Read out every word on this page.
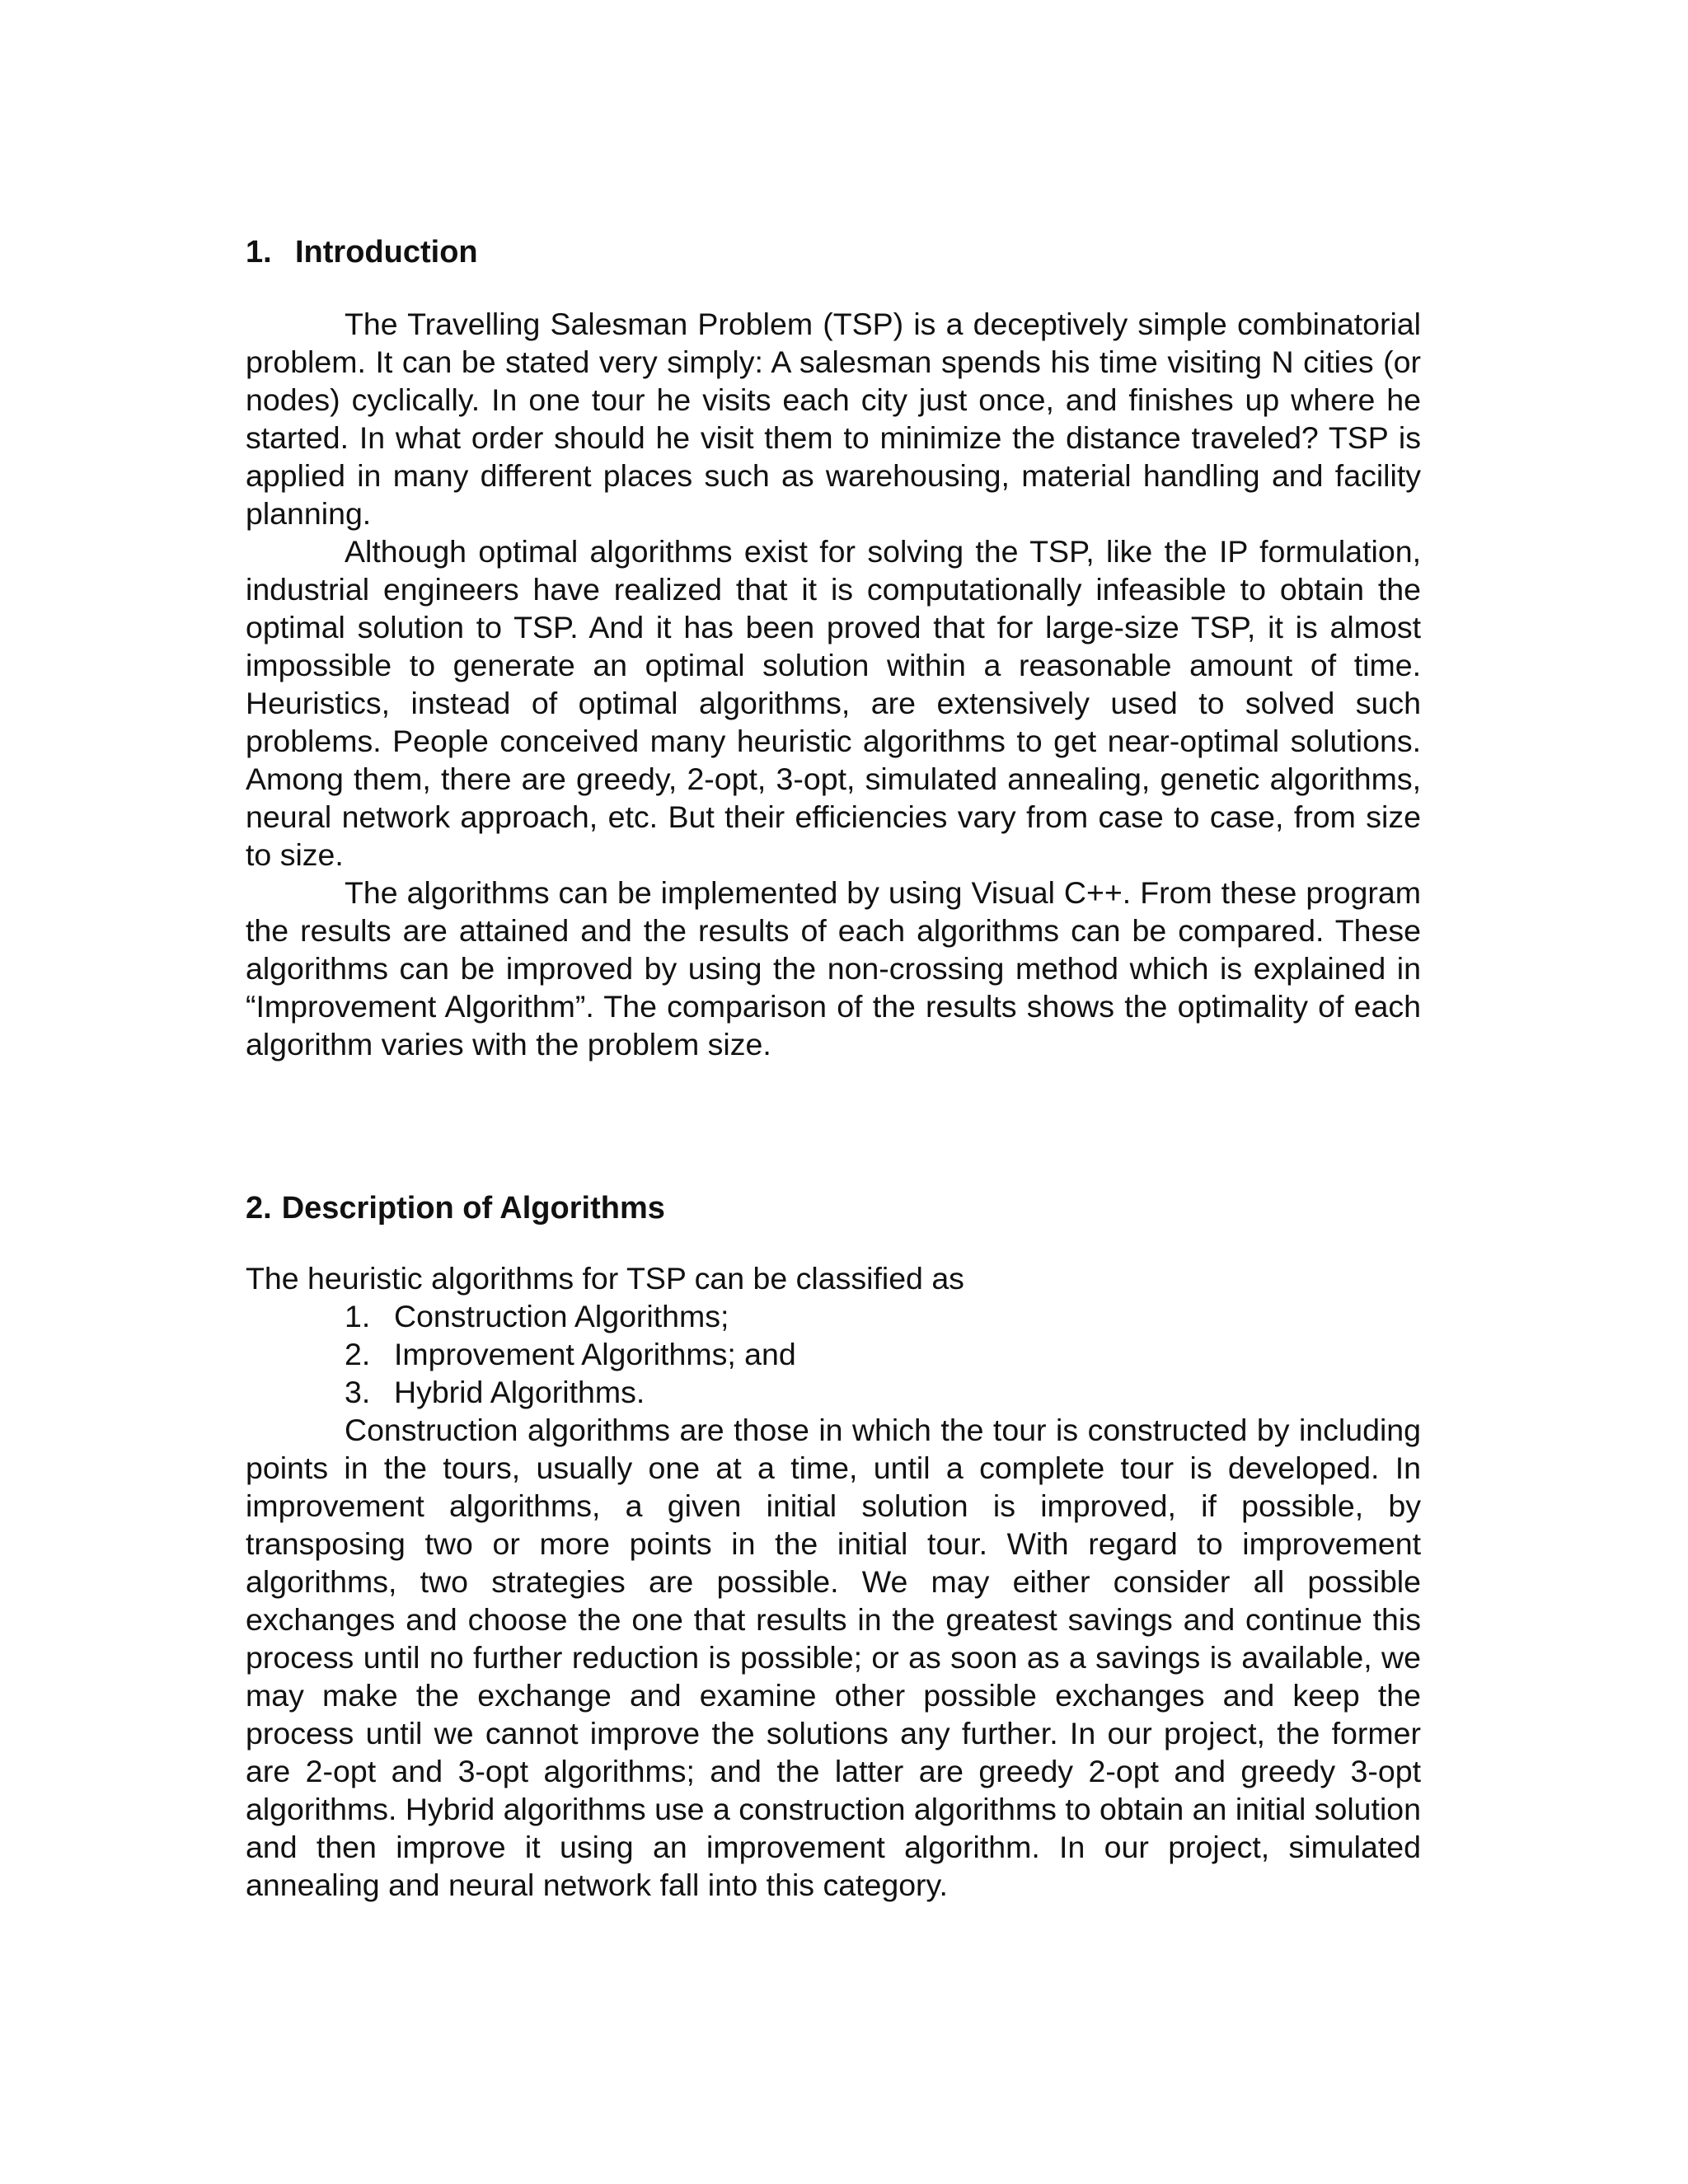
1. Introduction

The Travelling Salesman Problem (TSP) is a deceptively simple combinatorial problem. It can be stated very simply: A salesman spends his time visiting N cities (or nodes) cyclically. In one tour he visits each city just once, and finishes up where he started. In what order should he visit them to minimize the distance traveled? TSP is applied in many different places such as warehousing, material handling and facility planning.

Although optimal algorithms exist for solving the TSP, like the IP formulation, industrial engineers have realized that it is computationally infeasible to obtain the optimal solution to TSP. And it has been proved that for large-size TSP, it is almost impossible to generate an optimal solution within a reasonable amount of time. Heuristics, instead of optimal algorithms, are extensively used to solved such problems. People conceived many heuristic algorithms to get near-optimal solutions. Among them, there are greedy, 2-opt, 3-opt, simulated annealing, genetic algorithms, neural network approach, etc. But their efficiencies vary from case to case, from size to size.

The algorithms can be implemented by using Visual C++. From these program the results are attained and the results of each algorithms can be compared. These algorithms can be improved by using the non-crossing method which is explained in “Improvement Algorithm”. The comparison of the results shows the optimality of each algorithm varies with the problem size.

2. Description of Algorithms

The heuristic algorithms for TSP can be classified as

1. Construction Algorithms;
2. Improvement Algorithms; and
3. Hybrid Algorithms.

Construction algorithms are those in which the tour is constructed by including points in the tours, usually one at a time, until a complete tour is developed. In improvement algorithms, a given initial solution is improved, if possible, by transposing two or more points in the initial tour. With regard to improvement algorithms, two strategies are possible. We may either consider all possible exchanges and choose the one that results in the greatest savings and continue this process until no further reduction is possible; or as soon as a savings is available, we may make the exchange and examine other possible exchanges and keep the process until we cannot improve the solutions any further. In our project, the former are 2-opt and 3-opt algorithms; and the latter are greedy 2-opt and greedy 3-opt algorithms. Hybrid algorithms use a construction algorithms to obtain an initial solution and then improve it using an improvement algorithm. In our project, simulated annealing and neural network fall into this category.
